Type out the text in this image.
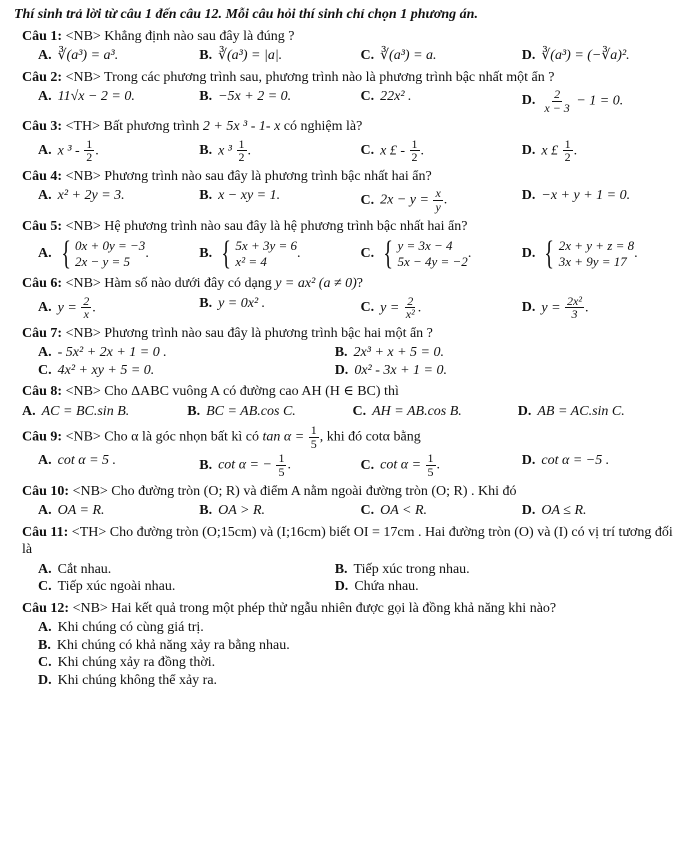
Thí sinh trả lời từ câu 1 đến câu 12. Mỗi câu hỏi thí sinh chỉ chọn 1 phương án.

Câu 1: <NB> Khẳng định nào sau đây là đúng ?
A. ∛(a³) = a³.	B. ∛(a³) = |a|.	C. ∛(a³) = a.	D. ∛(a³) = (−∛a)².
Câu 2: <NB> Trong các phương trình sau, phương trình nào là phương trình bậc nhất một ẩn ?
A. 11√x − 2 = 0.	B. −5x + 2 = 0.	C. 22x² .	D. $\frac{2}{x - 3} - 1 = 0$.
Câu 3: <TH> Bất phương trình 2 + 5x ³ - 1- x có nghiệm là?
A. x $^3 - \frac{1}{2}$ .	B. x $^3 \frac{1}{2}$ .	C. x £ - $\frac{1}{2}$ .	D. x £ $\frac{1}{2}$ .
Câu 4: <NB> Phương trình nào sau đây là phương trình bậc nhất hai ẩn?
A. x² + 2y = 3.	B. x − xy = 1.	C. $2x - y = \frac{x}{y}$ .	D. −x + y + 1 = 0.
Câu 5: <NB> Hệ phương trình nào sau đây là hệ phương trình bậc nhất hai ẩn?
A. { 0x + 0y = −3
2x − y = 5
.	B. { 5x + 3y = 6
x² = 4
.	C. { y = 3x − 4
5x − 4y = −2
.	D. { 2x + y + z = 8
3x + 9y = 17
.
Câu 6: <NB> Hàm số nào dưới đây có dạng y = ax² (a ≠ 0)?
A. $y = \frac{2}{x}$ .	B. y = 0x² .	C. $y = \frac{2}{\text{x²}}$ .	D. $y = \frac{\text{2x²}}{3}$ .
Câu 7: <NB> Phương trình nào sau đây là phương trình bậc hai một ẩn ?
A. - 5x² + 2x + 1 = 0 .	B. 2x³ + x + 5 = 0.
C. 4x² + xy + 5 = 0.	D. 0x² - 3x + 1 = 0.
Câu 8: <NB> Cho ΔABC vuông A có đường cao AH (H ∈ BC) thì
A. AC = BC.sin B.	B. BC = AB.cos C.	C. AH = AB.cos B.	D. AB = AC.sin C.
Câu 9: <NB> Cho α là góc nhọn bất kì có $\tan \alpha = \frac{1}{5}$ , khi đó cotα bằng
A. cot α = 5 .	B. cot α = − $\frac{1}{5}$ .	C. $\cot \alpha = \frac{1}{5}$ .	D. cot α = −5 .
Câu 10: <NB> Cho đường tròn (O; R) và điểm A nằm ngoài đường tròn (O; R) . Khi đó
A. OA = R.	B. OA > R.	C. OA < R.	D. OA ≤ R.
Câu 11: <TH> Cho đường tròn (O;15cm) và (I;16cm) biết OI = 17cm . Hai đường tròn (O) và (I) có vị trí tương đối là
A. Cắt nhau.	B. Tiếp xúc trong nhau.
C. Tiếp xúc ngoài nhau.	D. Chứa nhau.
Câu 12: <NB> Hai kết quả trong một phép thử ngẫu nhiên được gọi là đồng khả năng khi nào?
A. Khi chúng có cùng giá trị.
B. Khi chúng có khả năng xảy ra bằng nhau.
C. Khi chúng xảy ra đồng thời.
D. Khi chúng không thể xảy ra.
